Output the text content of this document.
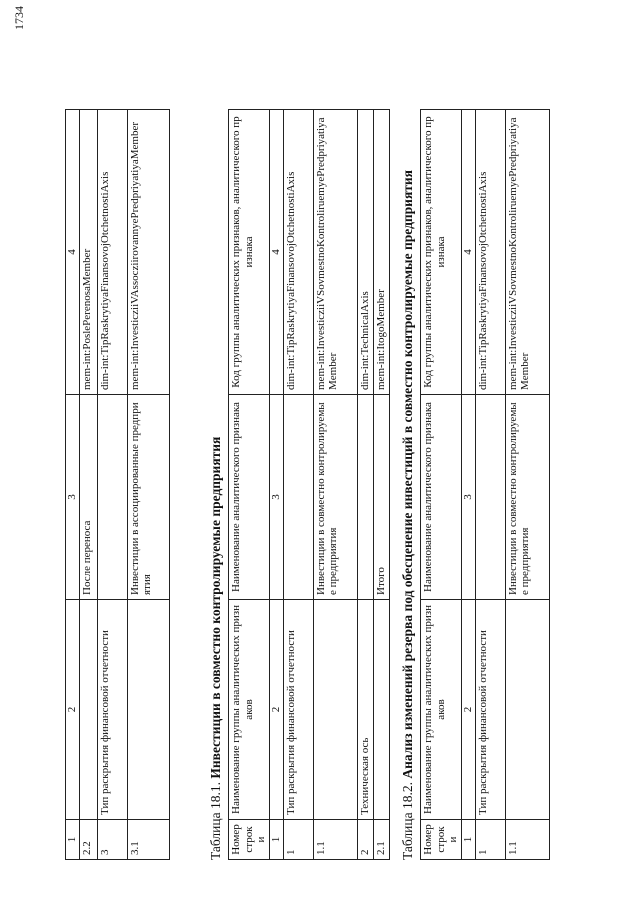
1734
1	2	3	4
2.2		После переноса	mem-int:PoslePerenosaMember
3	Тип раскрытия финансовой отчетности		dim-int:TipRaskrytiyaFinansovojOtchetnostiAxis
3.1		Инвестиции в ассоциированные предприятия	mem-int:InvesticziiVAssocziirovannyePredpriyatiyaMember
Таблица 18.1. Инвестиции в совместно контролируемые предприятия
Номер строки	Наименование группы аналитических признаков	Наименование аналитического признака	Код группы аналитических признаков, аналитического признака
1	2	3	4
1	Тип раскрытия финансовой отчетности		dim-int:TipRaskrytiyaFinansovojOtchetnostiAxis
1.1		Инвестиции в совместно контролируемые предприятия	mem-int:InvesticziiVSovmestnoKontroliruemyePredpriyatiya Member
2	Техническая ось		dim-int:TechnicalAxis
2.1		Итого	mem-int:ItogoMember
Таблица 18.2. Анализ изменений резерва под обесценение инвестиций в совместно контролируемые предприятия
Номер строки	Наименование группы аналитических признаков	Наименование аналитического признака	Код группы аналитических признаков, аналитического признака
1	2	3	4
1	Тип раскрытия финансовой отчетности		dim-int:TipRaskrytiyaFinansovojOtchetnostiAxis
1.1		Инвестиции в совместно контролируемые предприятия	mem-int:InvesticziiVSovmestnoKontroliruemyePredpriyatiya Member
